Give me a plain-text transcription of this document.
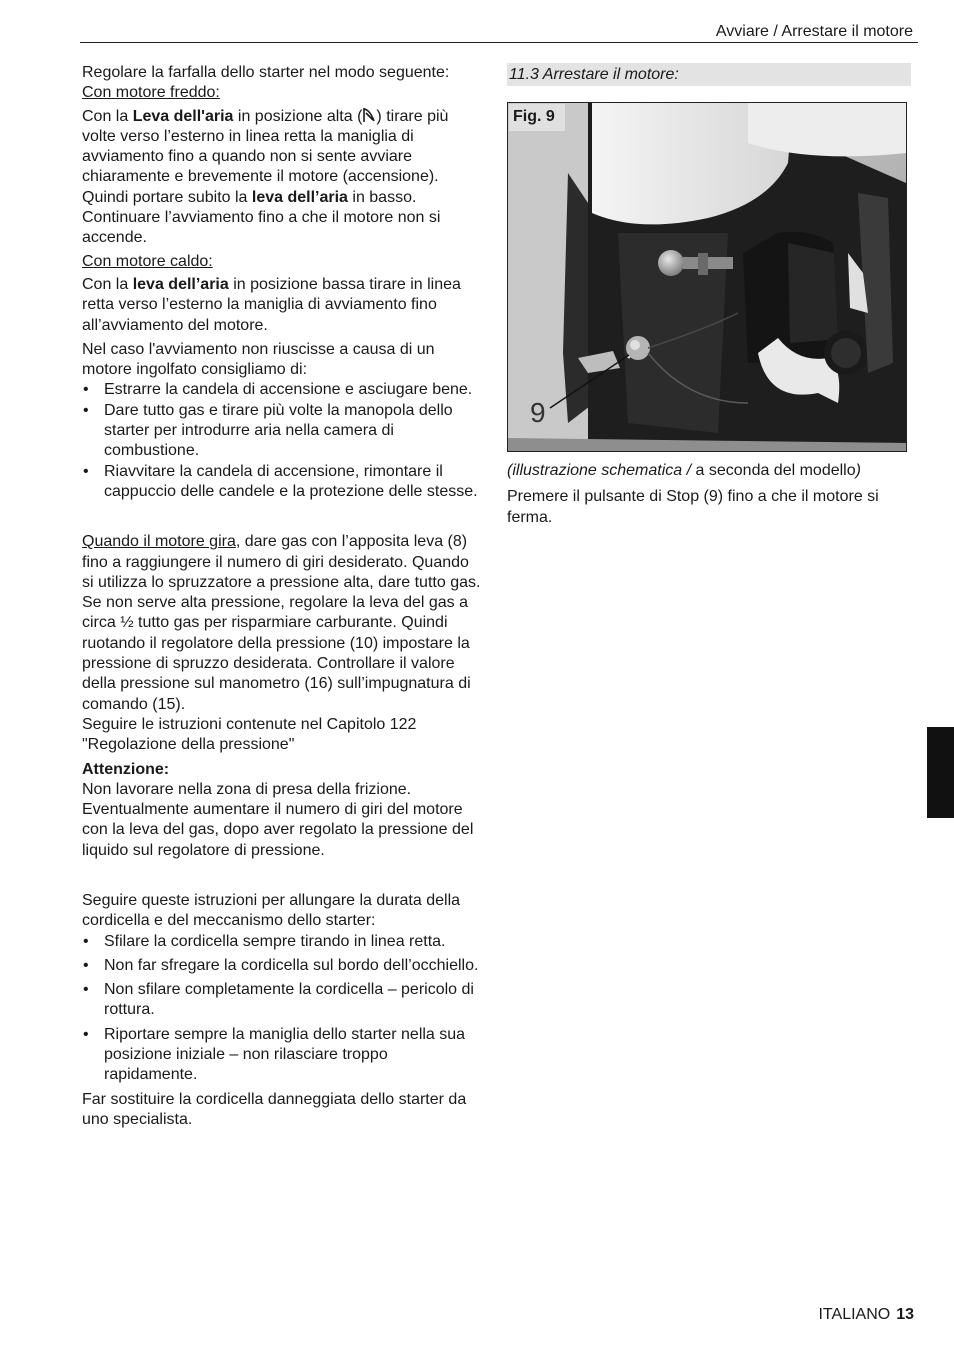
Avviare / Arrestare il motore

Regolare la farfalla dello starter nel modo seguente:

Con motore freddo:

Con la Leva dell'aria in posizione alta ( ) tirare più volte verso l’esterno in linea retta la maniglia di avviamento fino a quando non si sente avviare chiaramente e brevemente il motore (accensione). Quindi portare subito la leva dell’aria in basso. Continuare l’avviamento fino a che il motore non si accende.

Con motore caldo:

Con la leva dell’aria in posizione bassa tirare in linea retta verso l’esterno la maniglia di avviamento fino all’avviamento del motore.

Nel caso l'avviamento non riuscisse a causa di un motore ingolfato consigliamo di:

• Estrarre la candela di accensione e asciugare bene.
• Dare tutto gas e tirare più volte la manopola dello starter per introdurre aria nella camera di combustione.
• Riavvitare la candela di accensione, rimontare il cappuccio delle candele e la protezione delle stesse.

Quando il motore gira, dare gas con l’apposita leva (8) fino a raggiungere il numero di giri desiderato. Quando si utilizza lo spruzzatore a pressione alta, dare tutto gas. Se non serve alta pressione, regolare la leva del gas a circa ½ tutto gas per risparmiare carburante. Quindi ruotando il regolatore della pressione (10) impostare la pressione di spruzzo desiderata. Controllare il valore della pressione sul manometro (16) sull’impugnatura di comando (15).

Seguire le istruzioni contenute nel Capitolo 122 "Regolazione della pressione"

Attenzione:

Non lavorare nella zona di presa della frizione. Eventualmente aumentare il numero di giri del motore con la leva del gas, dopo aver regolato la pressione del liquido sul regolatore di pressione.

Seguire queste istruzioni per allungare la durata della cordicella e del meccanismo dello starter:

• Sfilare la cordicella sempre tirando in linea retta.
• Non far sfregare la cordicella sul bordo dell’occhiello.
• Non sfilare completamente la cordicella – pericolo di rottura.
• Riportare sempre la maniglia dello starter nella sua posizione iniziale – non rilasciare troppo rapidamente.

Far sostituire la cordicella danneggiata dello starter da uno specialista.

11.3 Arrestare il motore:
Fig. 9
9

(illustrazione schematica / a seconda del modello)

Premere il pulsante di Stop (9) fino a che il motore si ferma.

ITALIANO 13
